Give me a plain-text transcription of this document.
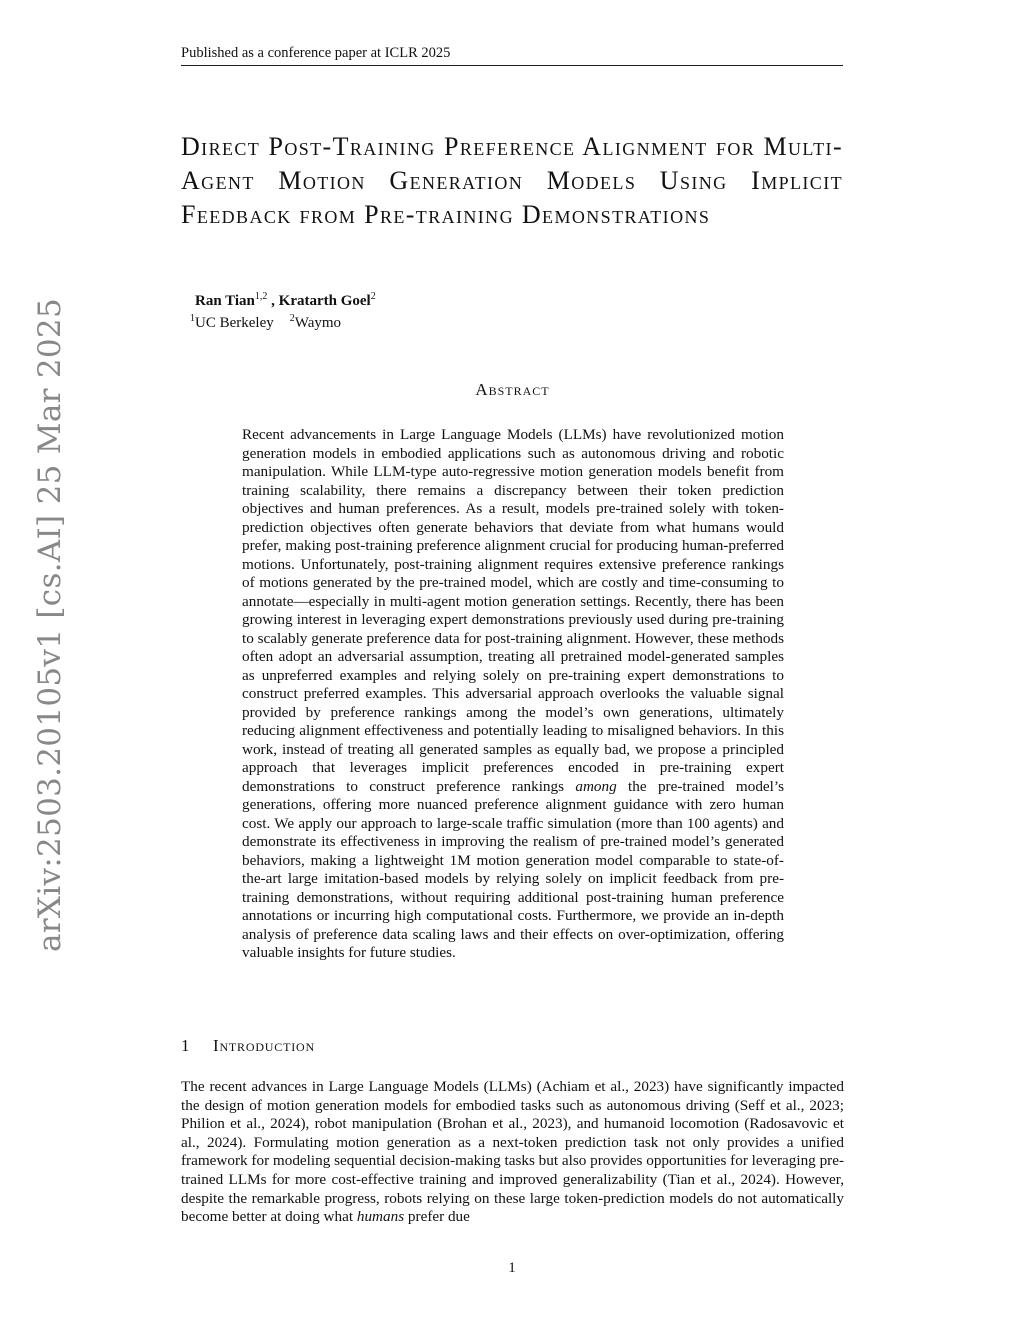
Published as a conference paper at ICLR 2025
arXiv:2503.20105v1 [cs.AI] 25 Mar 2025
Direct Post-Training Preference Alignment for Multi-Agent Motion Generation Models Using Implicit Feedback from Pre-training Demonstrations
Ran Tian$^{1,2}$ , Kratarth Goel$^2$
$^1$UC Berkeley $^2$Waymo
Abstract

Recent advancements in Large Language Models (LLMs) have revolutionized motion generation models in embodied applications such as autonomous driving and robotic manipulation. While LLM-type auto-regressive motion generation models benefit from training scalability, there remains a discrepancy between their token prediction objectives and human preferences. As a result, models pre-trained solely with token-prediction objectives often generate behaviors that deviate from what humans would prefer, making post-training preference alignment crucial for producing human-preferred motions. Unfortunately, post-training alignment requires extensive preference rankings of motions generated by the pre-trained model, which are costly and time-consuming to annotate—especially in multi-agent motion generation settings. Recently, there has been growing interest in leveraging expert demonstrations previously used during pre-training to scalably generate preference data for post-training alignment. However, these methods often adopt an adversarial assumption, treating all pretrained model-generated samples as unpreferred examples and relying solely on pre-training expert demonstrations to construct preferred examples. This adversarial approach overlooks the valuable signal provided by preference rankings among the model’s own generations, ultimately reducing alignment effectiveness and potentially leading to misaligned behaviors. In this work, instead of treating all generated samples as equally bad, we propose a principled approach that leverages implicit preferences encoded in pre-training expert demonstrations to construct preference rankings among the pre-trained model’s generations, offering more nuanced preference alignment guidance with zero human cost. We apply our approach to large-scale traffic simulation (more than 100 agents) and demonstrate its effectiveness in improving the realism of pre-trained model’s generated behaviors, making a lightweight 1M motion generation model comparable to state-of-the-art large imitation-based models by relying solely on implicit feedback from pre-training demonstrations, without requiring additional post-training human preference annotations or incurring high computational costs. Furthermore, we provide an in-depth analysis of preference data scaling laws and their effects on over-optimization, offering valuable insights for future studies.

1 Introduction

The recent advances in Large Language Models (LLMs) (Achiam et al., 2023) have significantly impacted the design of motion generation models for embodied tasks such as autonomous driving (Seff et al., 2023; Philion et al., 2024), robot manipulation (Brohan et al., 2023), and humanoid locomotion (Radosavovic et al., 2024). Formulating motion generation as a next-token prediction task not only provides a unified framework for modeling sequential decision-making tasks but also provides opportunities for leveraging pre-trained LLMs for more cost-effective training and improved generalizability (Tian et al., 2024). However, despite the remarkable progress, robots relying on these large token-prediction models do not automatically become better at doing what humans prefer due

1
